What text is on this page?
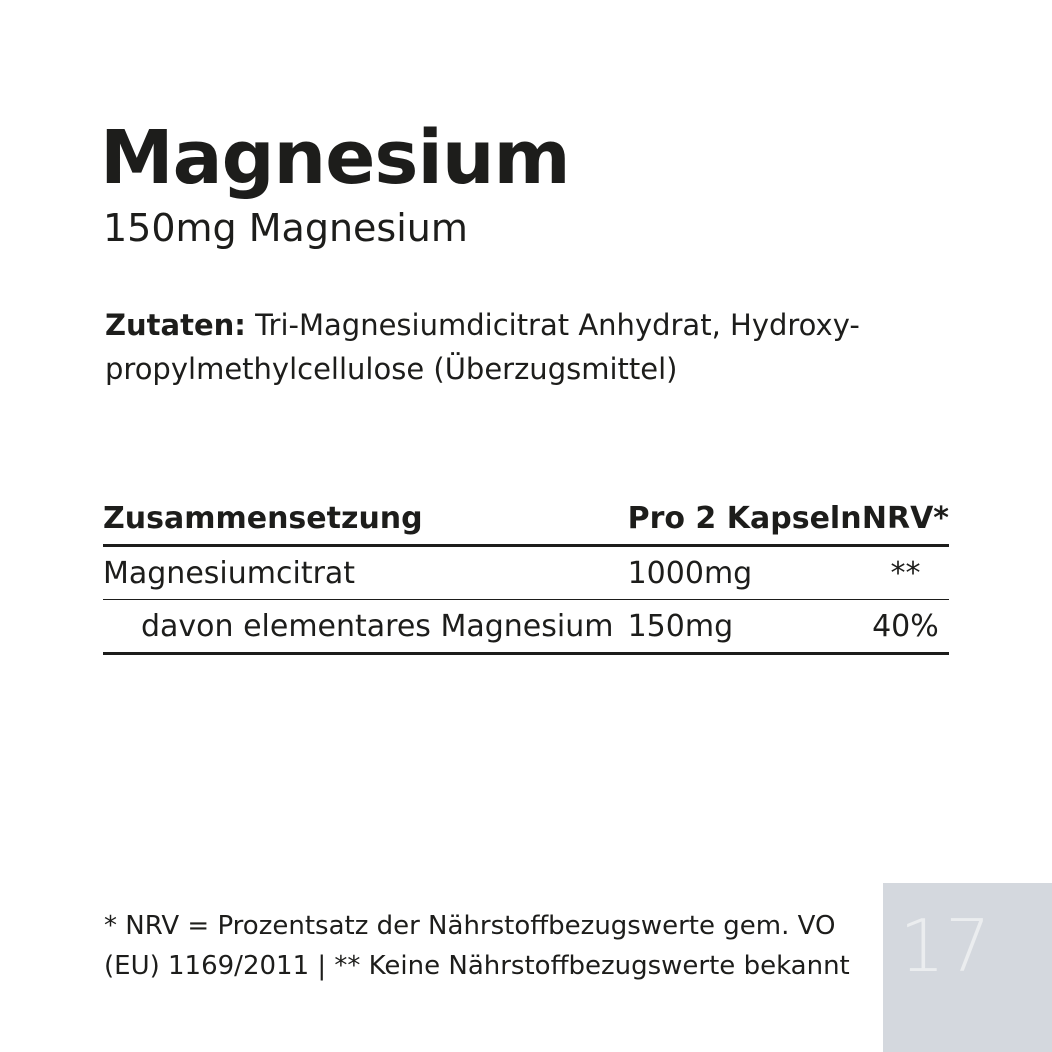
Magnesium
150mg Magnesium

Zutaten: Tri-Magnesiumdicitrat Anhydrat, Hydroxy-propylmethylcellulose (Überzugsmittel)

Zusammensetzung	Pro 2 Kapseln	NRV*
Magnesiumcitrat	1000mg	**
davon elementares Magnesium	150mg	40%

* NRV = Prozentsatz der Nährstoffbezugswerte gem. VO
(EU) 1169/2011 | ** Keine Nährstoffbezugswerte bekannt 17
